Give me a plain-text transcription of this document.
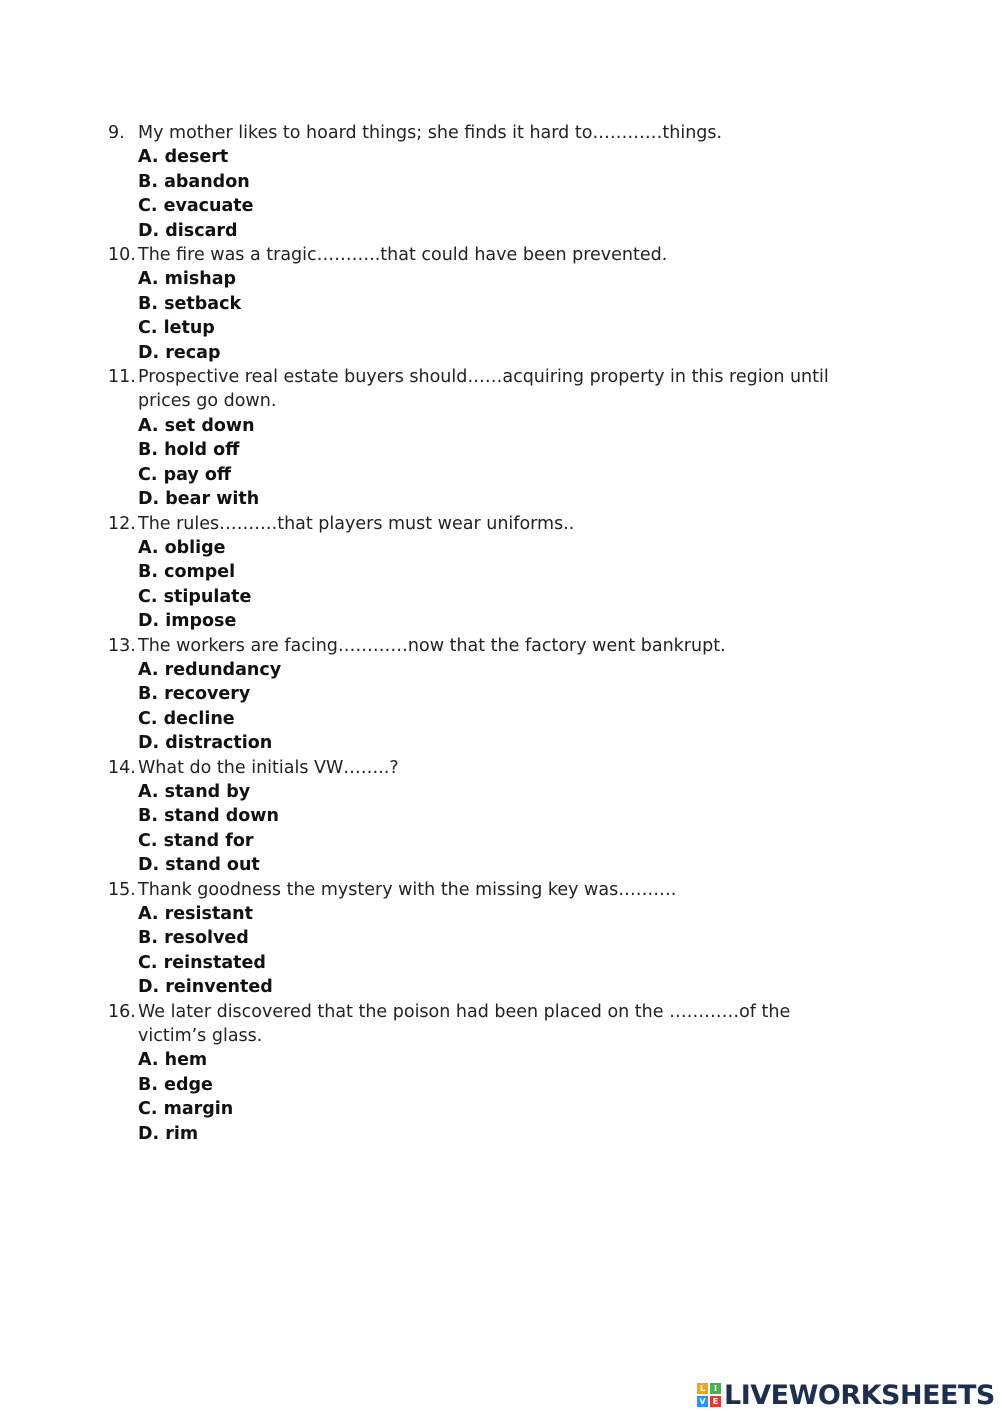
9. My mother likes to hoard things; she finds it hard to…………things.
A. desert
B. abandon
C. evacuate
D. discard
10. The fire was a tragic………..that could have been prevented.
A. mishap
B. setback
C. letup
D. recap
11. Prospective real estate buyers should……acquiring property in this region until prices go down.
A. set down
B. hold off
C. pay off
D. bear with
12. The rules……….that players must wear uniforms..
A. oblige
B. compel
C. stipulate
D. impose
13. The workers are facing…………now that the factory went bankrupt.
A. redundancy
B. recovery
C. decline
D. distraction
14. What do the initials VW……..?
A. stand by
B. stand down
C. stand for
D. stand out
15. Thank goodness the mystery with the missing key was……….
A. resistant
B. resolved
C. reinstated
D. reinvented
16. We later discovered that the poison had been placed on the …………of the victim’s glass.
A. hem
B. edge
C. margin
D. rim
L	I
V E LIVEWORKSHEETS
